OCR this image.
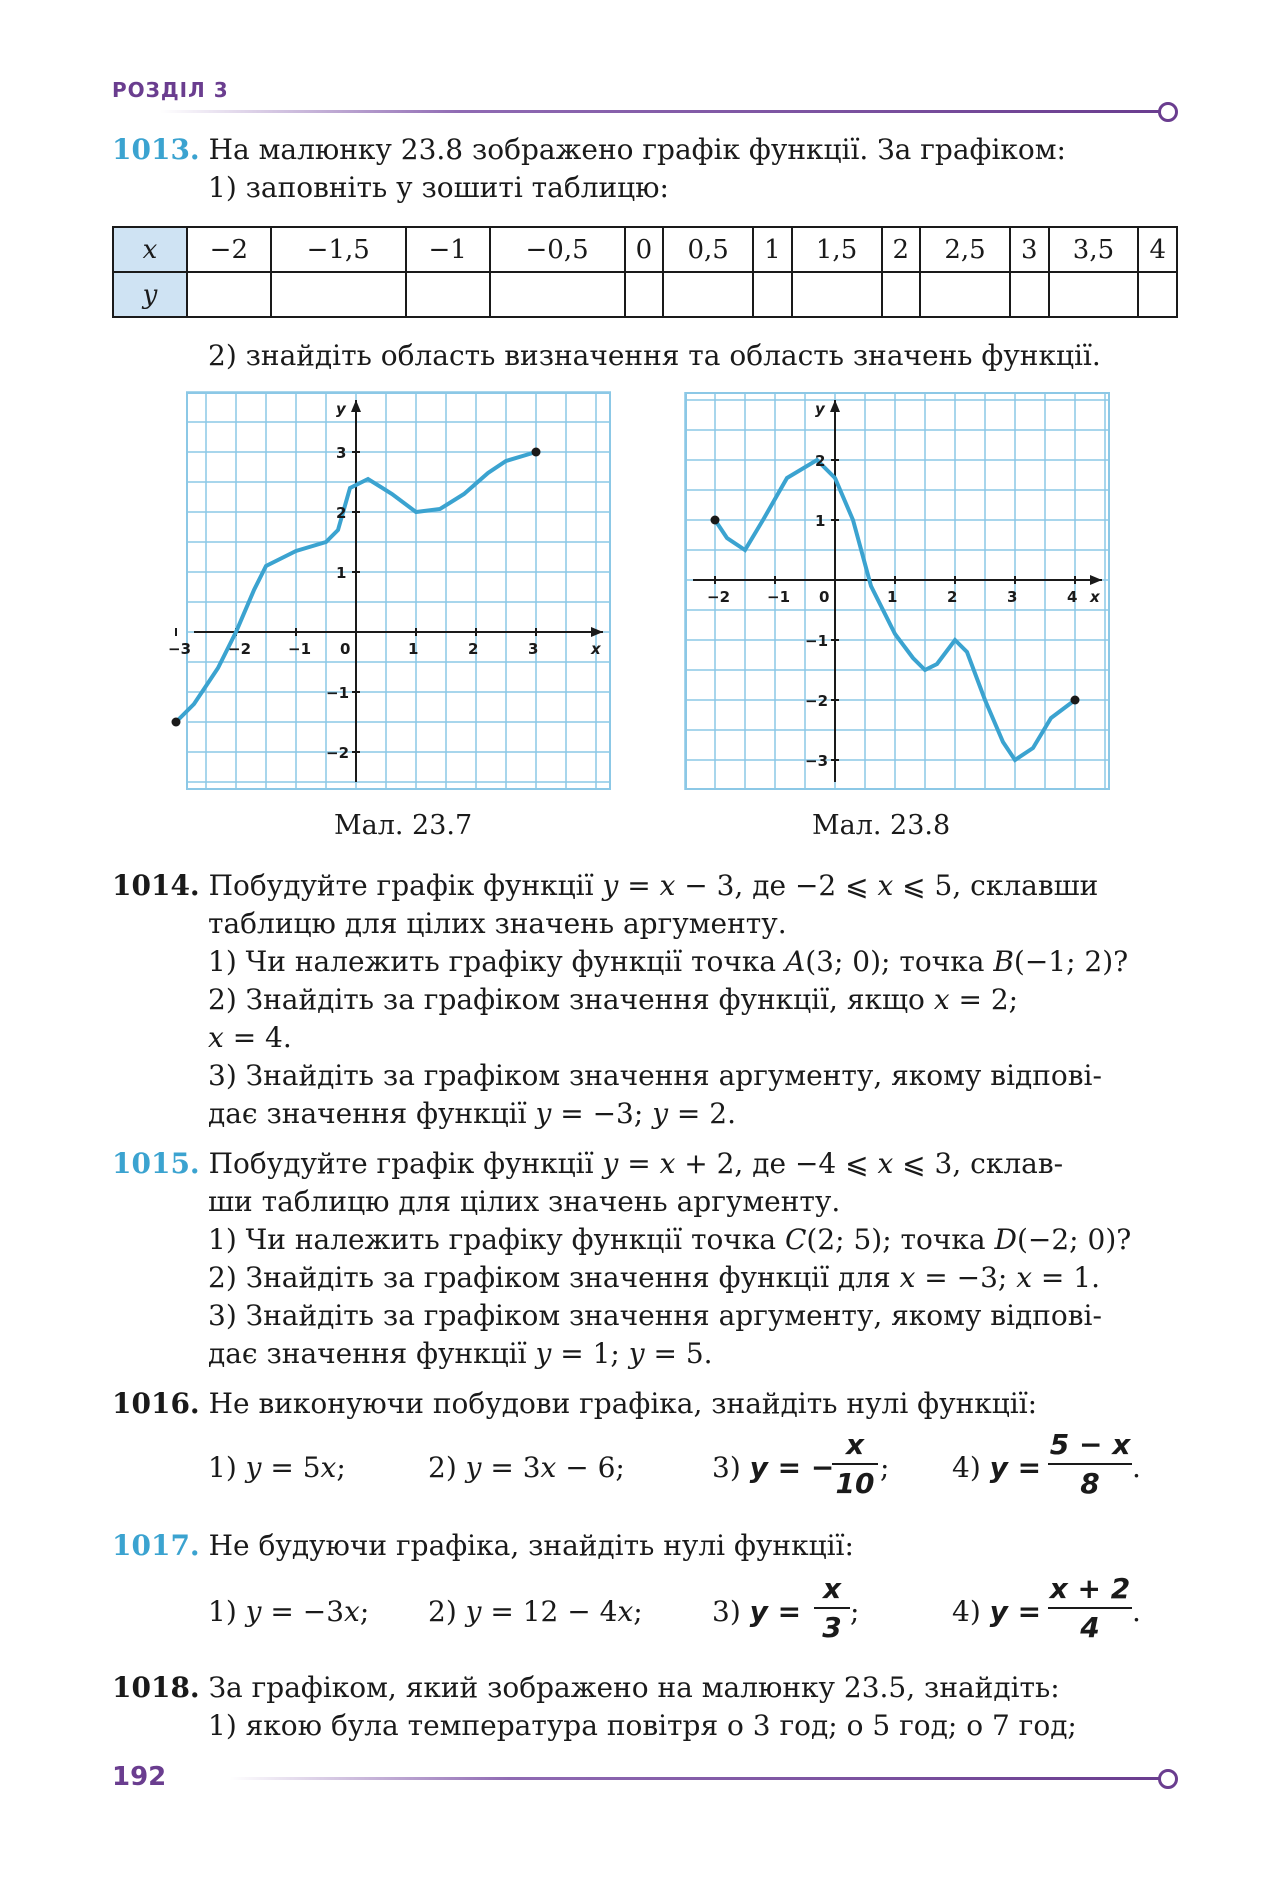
РОЗДІЛ 3
1013. На малюнку 23.8 зображено графік функції. За графіком:
1) заповніть у зошиті таблицю:
x	−2	−1,5	−1	−0,5	0	0,5	1	1,5	2	2,5	3	3,5	4
y													
2) знайдіть область визначення та область значень функції.
−3 −2 −1 0	1	2	3
3
2
1
−1
−2
x
y
Мал. 23.7
−2 −1 0	1	2	3	4
2
1
−1
−2
−3
x
y
Мал. 23.8
1014. Побудуйте графік функції y = x − 3, де −2 ⩽ x ⩽ 5, склавши
таблицю для цілих значень аргументу.
1) Чи належить графіку функції точка A(3; 0); точка B(−1; 2)?
2) Знайдіть за графіком значення функції, якщо x = 2;
x = 4.
3) Знайдіть за графіком значення аргументу, якому відпові-
дає значення функції y = −3; y = 2.
1015. Побудуйте графік функції y = x + 2, де −4 ⩽ x ⩽ 3, склав-
ши таблицю для цілих значень аргументу.
1) Чи належить графіку функції точка C(2; 5); точка D(−2; 0)?
2) Знайдіть за графіком значення функції для x = −3; x = 1.
3) Знайдіть за графіком значення аргументу, якому відпові-
дає значення функції y = 1; y = 5.
1016. Не виконуючи побудови графіка, знайдіть нулі функції:
1) y = 5x;	2) y = 3x − 6;	3) y = −
x
10 ; 4) y =
5 − x
8	.
1017. Не будуючи графіка, знайдіть нулі функції:
1) y = −3x; 2) y = 12 − 4x; 3) y =
x
3 ;	4) y =
x + 2
4	.
1018. За графіком, який зображено на малюнку 23.5, знайдіть:
1) якою була температура повітря о 3 год; о 5 год; о 7 год;
192
